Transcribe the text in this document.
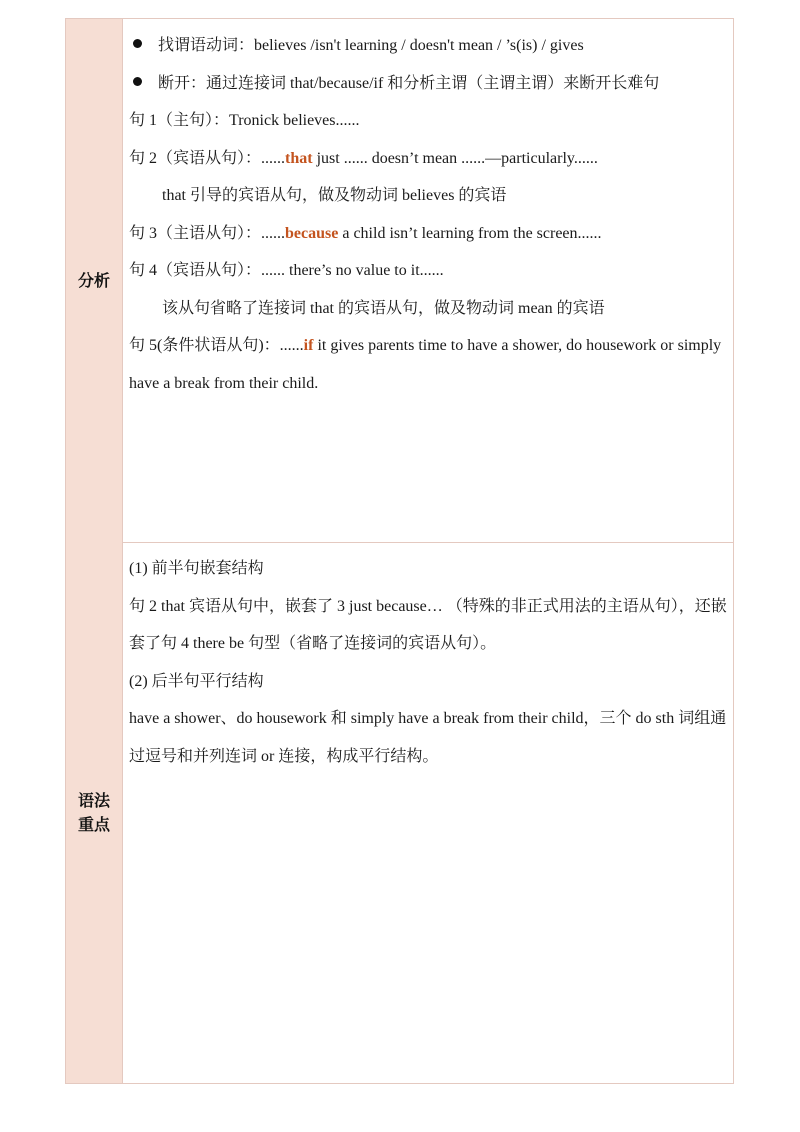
分析
找谓语动词：believes /isn't learning / doesn't mean / ’s(is) / gives
断开：通过连接词 that/because/if 和分析主谓（主谓主谓）来断开长难句
句 1（主句）：Tronick believes......
句 2（宾语从句）：......that just ...... doesn’t mean ......—particularly......
that 引导的宾语从句，做及物动词 believes 的宾语
句 3（主语从句）：......because a child isn’t learning from the screen......
句 4（宾语从句）：...... there’s no value to it......
该从句省略了连接词 that 的宾语从句，做及物动词 mean 的宾语
句 5(条件状语从句)：......if it gives parents time to have a shower, do housework or simply have a break from their child.
语法
重点
(1) 前半句嵌套结构
句 2 that 宾语从句中，嵌套了 3 just because… （特殊的非正式用法的主语从句），还嵌套了句 4 there be 句型（省略了连接词的宾语从句）。
(2) 后半句平行结构
have a shower、do housework 和 simply have a break from their child，三个 do sth 词组通过逗号和并列连词 or 连接，构成平行结构。
